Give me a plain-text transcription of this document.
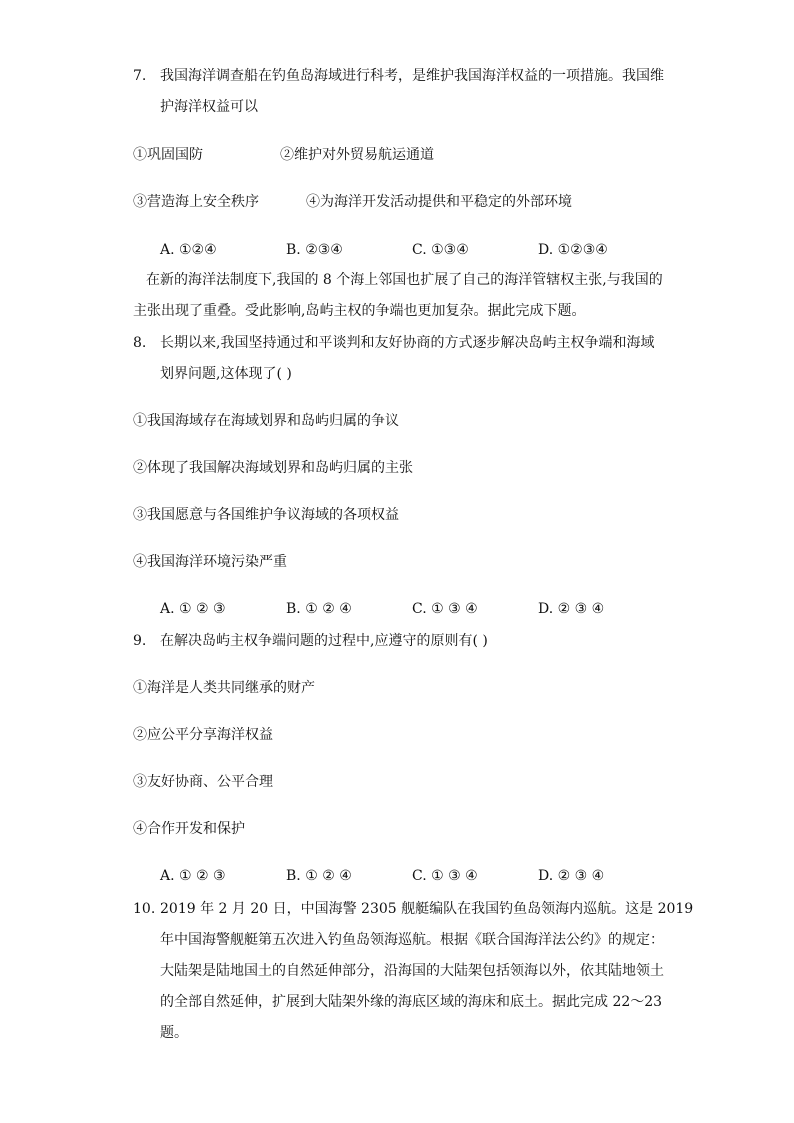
7. 我国海洋调查船在钓鱼岛海域进行科考，是维护我国海洋权益的一项措施。我国维
护海洋权益可以
①巩固国防	②维护对外贸易航运通道
③营造海上安全秩序	④为海洋开发活动提供和平稳定的外部环境
A. ①②④	B. ②③④	C. ①③④	D. ①②③④
在新的海洋法制度下,我国的 8 个海上邻国也扩展了自己的海洋管辖权主张,与我国的
主张出现了重叠。受此影响,岛屿主权的争端也更加复杂。据此完成下题。
8. 长期以来,我国坚持通过和平谈判和友好协商的方式逐步解决岛屿主权争端和海域
划界问题,这体现了( )
①我国海域存在海域划界和岛屿归属的争议
②体现了我国解决海域划界和岛屿归属的主张
③我国愿意与各国维护争议海域的各项权益
④我国海洋环境污染严重
A. ① ② ③	B. ① ② ④	C. ① ③ ④	D. ② ③ ④
9. 在解决岛屿主权争端问题的过程中,应遵守的原则有( )
①海洋是人类共同继承的财产
②应公平分享海洋权益
③友好协商、公平合理
④合作开发和保护
A. ① ② ③	B. ① ② ④	C. ① ③ ④	D. ② ③ ④
10. 2019 年 2 月 20 日，中国海警 2305 舰艇编队在我国钓鱼岛领海内巡航。这是 2019
年中国海警舰艇第五次进入钓鱼岛领海巡航。根据《联合国海洋法公约》的规定：
大陆架是陆地国土的自然延伸部分，沿海国的大陆架包括领海以外，依其陆地领土
的全部自然延伸，扩展到大陆架外缘的海底区域的海床和底土。据此完成 22～23
题。
